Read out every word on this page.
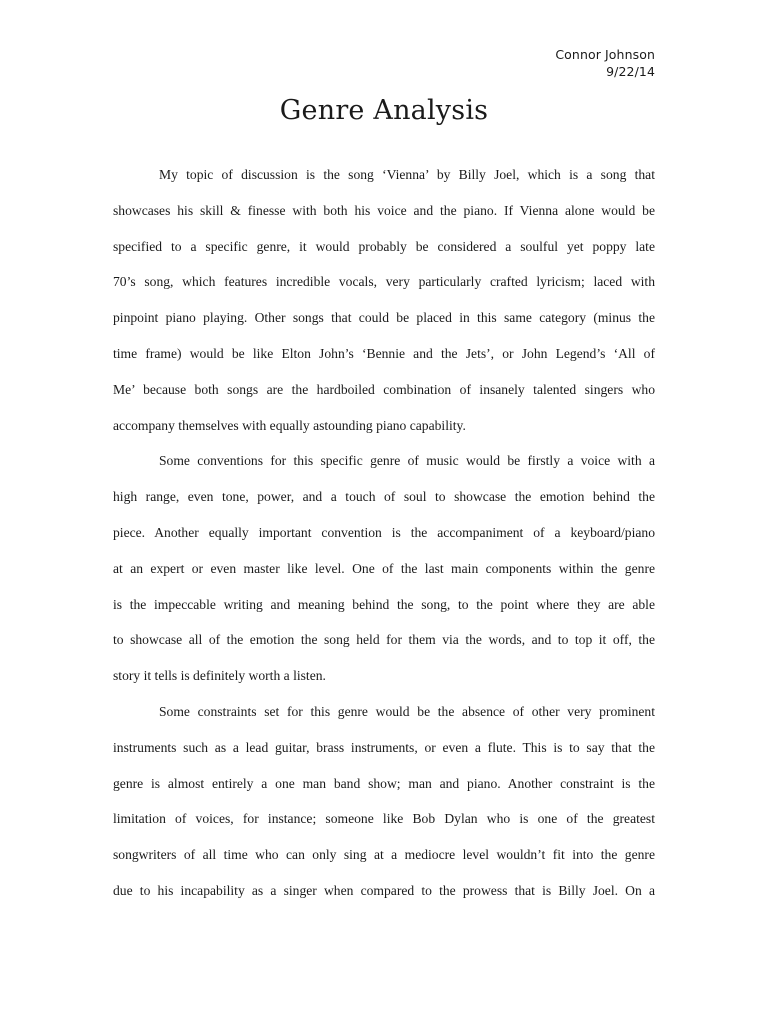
Connor Johnson
9/22/14
Genre Analysis
My topic of discussion is the song ‘Vienna’ by Billy Joel, which is a song that
showcases his skill & finesse with both his voice and the piano. If Vienna alone would be
specified to a specific genre, it would probably be considered a soulful yet poppy late
70’s song, which features incredible vocals, very particularly crafted lyricism; laced with
pinpoint piano playing. Other songs that could be placed in this same category (minus the
time frame) would be like Elton John’s ‘Bennie and the Jets’, or John Legend’s ‘All of
Me’ because both songs are the hardboiled combination of insanely talented singers who
accompany themselves with equally astounding piano capability.
Some conventions for this specific genre of music would be firstly a voice with a
high range, even tone, power, and a touch of soul to showcase the emotion behind the
piece. Another equally important convention is the accompaniment of a keyboard/piano
at an expert or even master like level. One of the last main components within the genre
is the impeccable writing and meaning behind the song, to the point where they are able
to showcase all of the emotion the song held for them via the words, and to top it off, the
story it tells is definitely worth a listen.
Some constraints set for this genre would be the absence of other very prominent
instruments such as a lead guitar, brass instruments, or even a flute. This is to say that the
genre is almost entirely a one man band show; man and piano. Another constraint is the
limitation of voices, for instance; someone like Bob Dylan who is one of the greatest
songwriters of all time who can only sing at a mediocre level wouldn’t fit into the genre
due to his incapability as a singer when compared to the prowess that is Billy Joel. On a
